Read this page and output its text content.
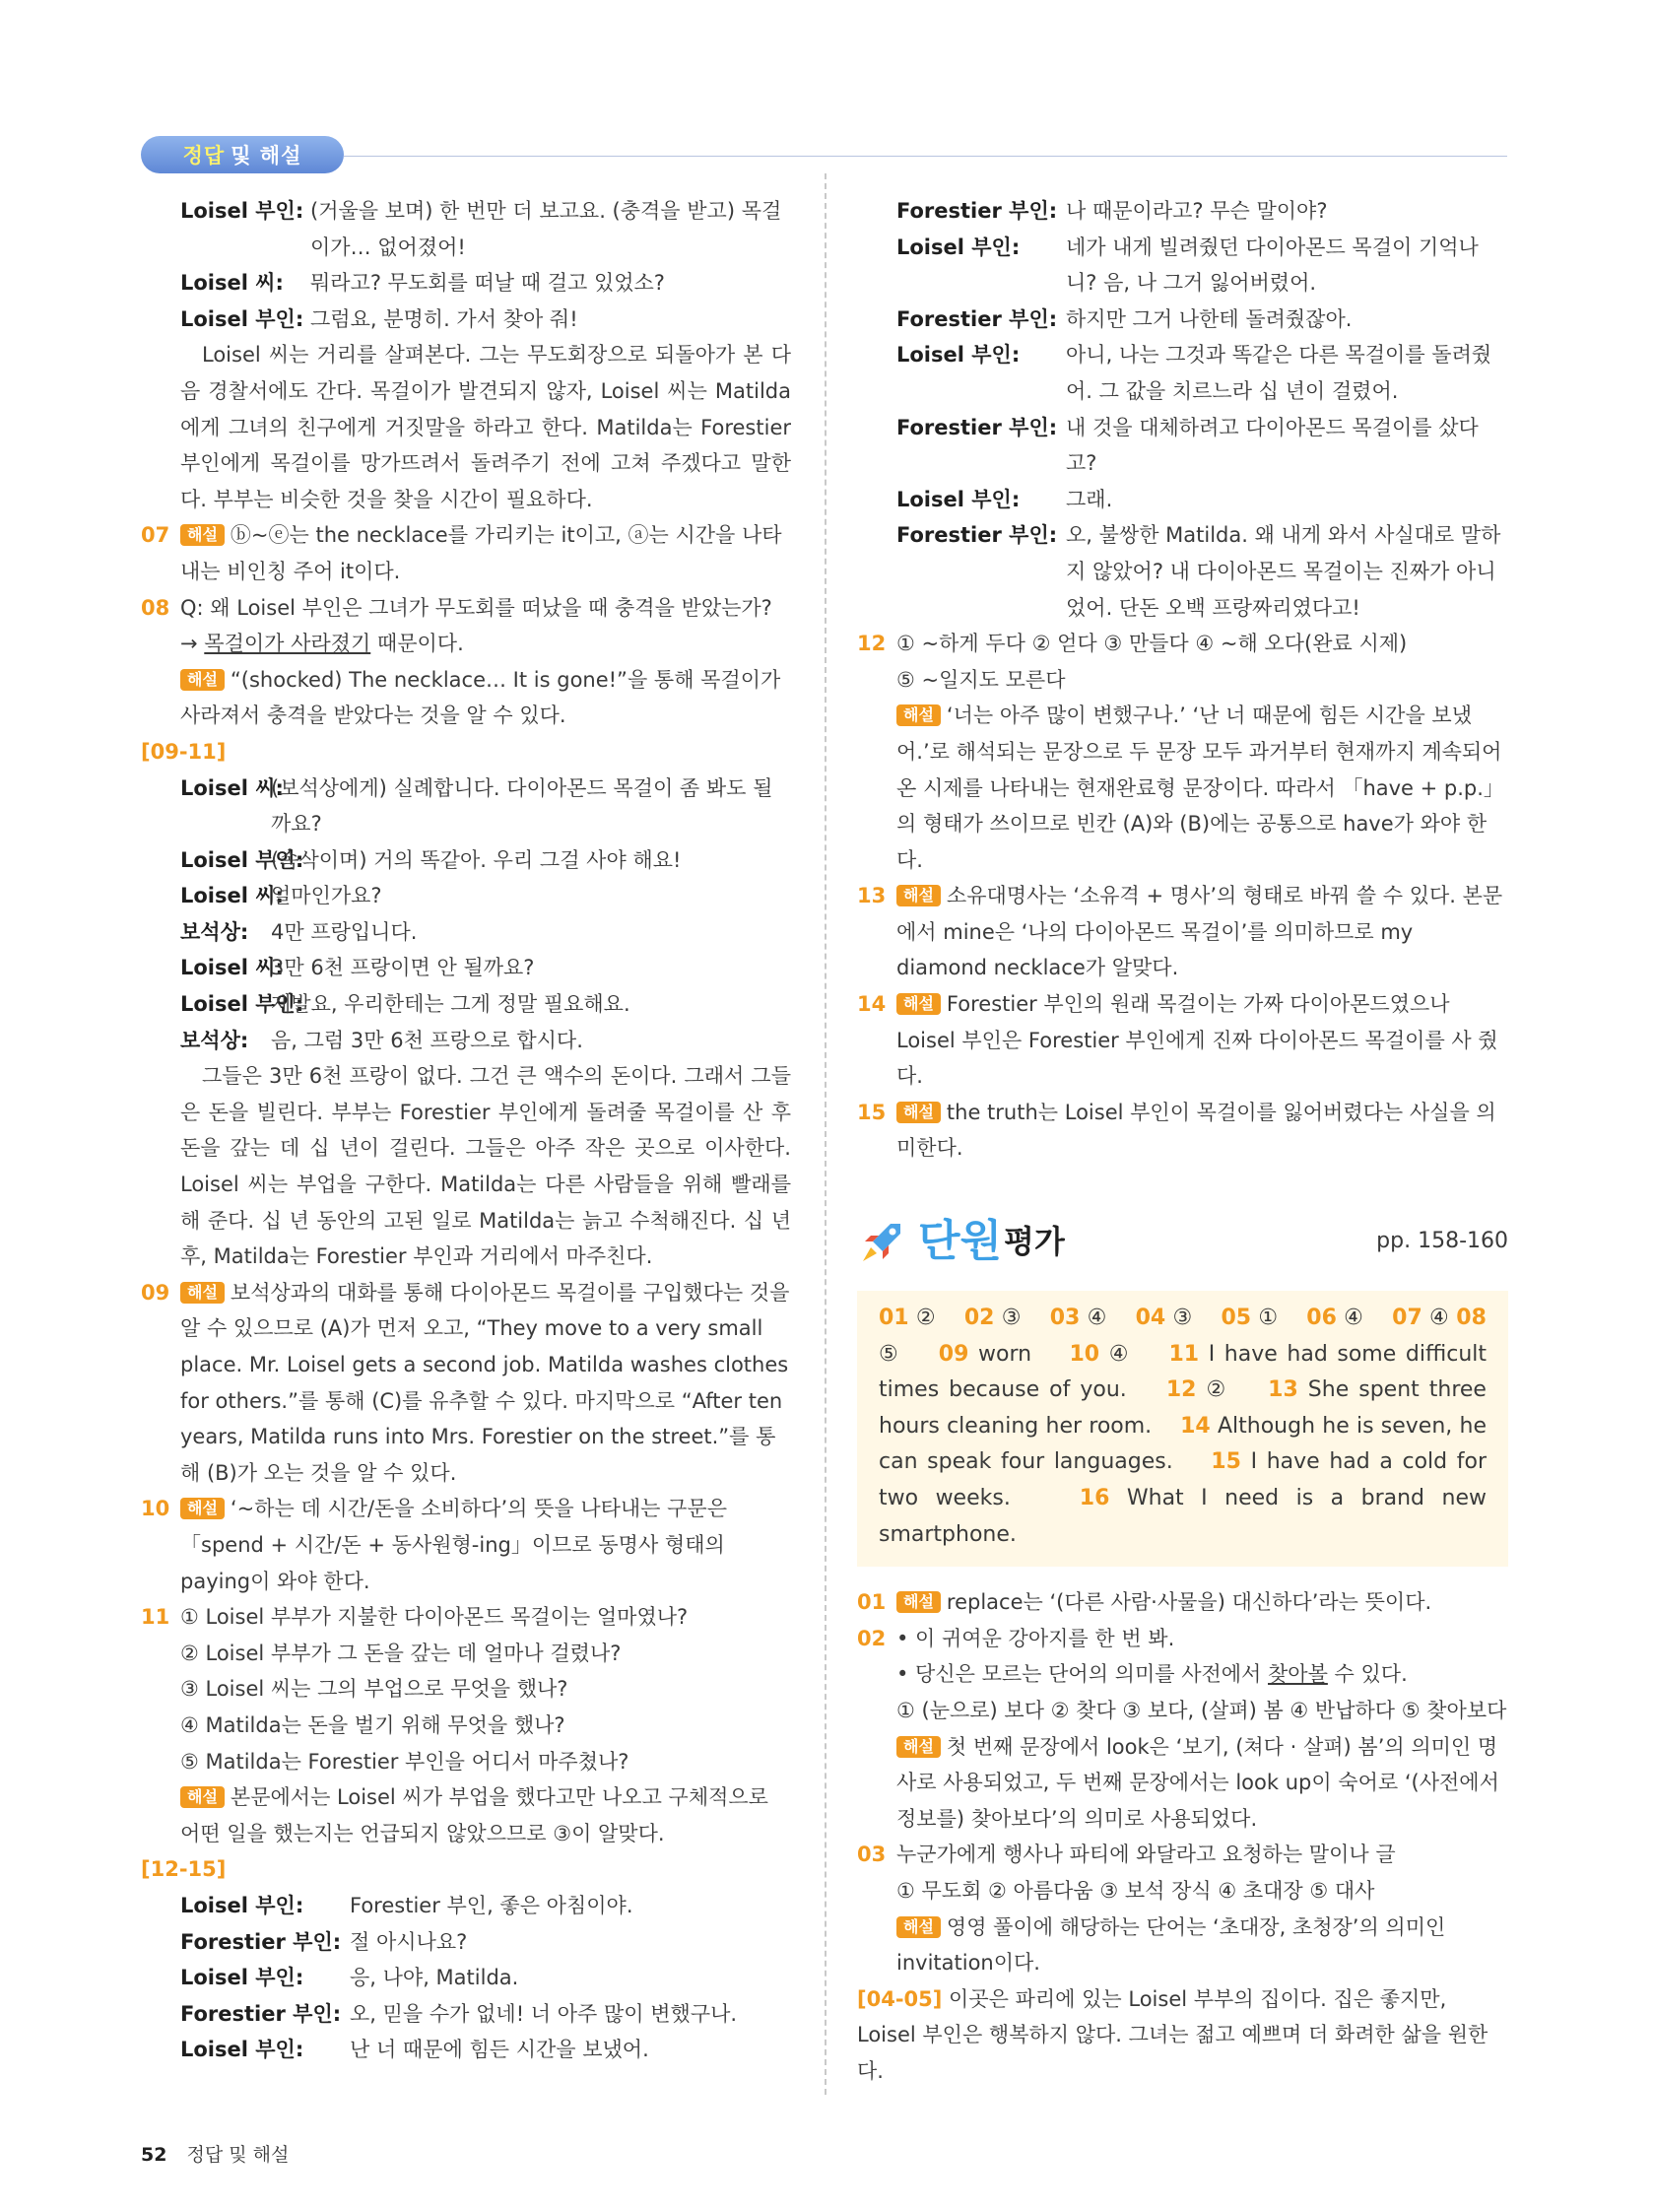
정답 및 해설
Loisel 부인: (거울을 보며) 한 번만 더 보고요. (충격을 받고) 목걸이가… 없어졌어!
Loisel 씨:	뭐라고? 무도회를 떠날 때 걸고 있었소?
Loisel 부인: 그럼요, 분명히. 가서 찾아 줘!

Loisel 씨는 거리를 살펴본다. 그는 무도회장으로 되돌아가 본 다음 경찰서에도 간다. 목걸이가 발견되지 않자, Loisel 씨는 Matilda에게 그녀의 친구에게 거짓말을 하라고 한다. Matilda는 Forestier 부인에게 목걸이를 망가뜨려서 돌려주기 전에 고쳐 주겠다고 말한다. 부부는 비슷한 것을 찾을 시간이 필요하다.

07	해설 ⓑ~ⓔ는 the necklace를 가리키는 it이고, ⓐ는 시간을 나타내는 비인칭 주어 it이다.
08 Q: 왜 Loisel 부인은 그녀가 무도회를 떠났을 때 충격을 받았는가?

→ 목걸이가 사라졌기 때문이다.

해설 “(shocked) The necklace… It is gone!”을 통해 목걸이가 사라져서 충격을 받았다는 것을 알 수 있다.

[09-11]

Loisel 씨:
(보석상에게) 실례합니다. 다이아몬드 목걸이 좀 봐도 될까요?
Loisel 부인:
(속삭이며) 거의 똑같아. 우리 그걸 사야 해요!
Loisel 씨:
얼마인가요?
보석상:	4만 프랑입니다.
Loisel 씨:
3만 6천 프랑이면 안 될까요?
Loisel 부인:
제발요, 우리한테는 그게 정말 필요해요.
보석상:	음, 그럼 3만 6천 프랑으로 합시다.

그들은 3만 6천 프랑이 없다. 그건 큰 액수의 돈이다. 그래서 그들은 돈을 빌린다. 부부는 Forestier 부인에게 돌려줄 목걸이를 산 후 돈을 갚는 데 십 년이 걸린다. 그들은 아주 작은 곳으로 이사한다. Loisel 씨는 부업을 구한다. Matilda는 다른 사람들을 위해 빨래를 해 준다. 십 년 동안의 고된 일로 Matilda는 늙고 수척해진다. 십 년 후, Matilda는 Forestier 부인과 거리에서 마주친다.

09	해설 보석상과의 대화를 통해 다이아몬드 목걸이를 구입했다는 것을 알 수 있으므로 (A)가 먼저 오고, “They move to a very small place. Mr. Loisel gets a second job. Matilda washes clothes for others.”를 통해 (C)를 유추할 수 있다. 마지막으로 “After ten years, Matilda runs into Mrs. Forestier on the street.”를 통해 (B)가 오는 것을 알 수 있다.
10	해설 ‘~하는 데 시간/돈을 소비하다’의 뜻을 나타내는 구문은 「spend + 시간/돈 + 동사원형-ing」이므로 동명사 형태의 paying이 와야 한다.
11 ① Loisel 부부가 지불한 다이아몬드 목걸이는 얼마였나?

② Loisel 부부가 그 돈을 갚는 데 얼마나 걸렸나?

③ Loisel 씨는 그의 부업으로 무엇을 했나?

④ Matilda는 돈을 벌기 위해 무엇을 했나?

⑤ Matilda는 Forestier 부인을 어디서 마주쳤나?

해설 본문에서는 Loisel 씨가 부업을 했다고만 나오고 구체적으로 어떤 일을 했는지는 언급되지 않았으므로 ③이 알맞다.

[12-15]

Loisel 부인:	Forestier 부인, 좋은 아침이야.
Forestier 부인: 절 아시나요?
Loisel 부인:	응, 나야, Matilda.
Forestier 부인: 오, 믿을 수가 없네! 너 아주 많이 변했구나.
Loisel 부인:	난 너 때문에 힘든 시간을 보냈어.
Forestier 부인: 나 때문이라고? 무슨 말이야?
Loisel 부인:	네가 내게 빌려줬던 다이아몬드 목걸이 기억나니? 음, 나 그거 잃어버렸어.
Forestier 부인: 하지만 그거 나한테 돌려줬잖아.
Loisel 부인:	아니, 나는 그것과 똑같은 다른 목걸이를 돌려줬어. 그 값을 치르느라 십 년이 걸렸어.
Forestier 부인: 내 것을 대체하려고 다이아몬드 목걸이를 샀다고?
Loisel 부인:	그래.
Forestier 부인: 오, 불쌍한 Matilda. 왜 내게 와서 사실대로 말하지 않았어? 내 다이아몬드 목걸이는 진짜가 아니었어. 단돈 오백 프랑짜리였다고!
12 ① ~하게 두다 ② 얻다 ③ 만들다 ④ ~해 오다(완료 시제)

⑤ ~일지도 모른다

해설 ‘너는 아주 많이 변했구나.’ ‘난 너 때문에 힘든 시간을 보냈어.’로 해석되는 문장으로 두 문장 모두 과거부터 현재까지 계속되어 온 시제를 나타내는 현재완료형 문장이다. 따라서 「have + p.p.」의 형태가 쓰이므로 빈칸 (A)와 (B)에는 공통으로 have가 와야 한다.

13	해설 소유대명사는 ‘소유격 + 명사’의 형태로 바꿔 쓸 수 있다. 본문에서 mine은 ‘나의 다이아몬드 목걸이’를 의미하므로 my diamond necklace가 알맞다.
14	해설 Forestier 부인의 원래 목걸이는 가짜 다이아몬드였으나 Loisel 부인은 Forestier 부인에게 진짜 다이아몬드 목걸이를 사 줬다.
15	해설 the truth는 Loisel 부인이 목걸이를 잃어버렸다는 사실을 의미한다.
단원 평가	pp. 158-160
01 ② 02 ③ 03 ④ 04 ③ 05 ① 06 ④ 07 ④ 08 ⑤ 09 worn 10 ④ 11 I have had some difficult times because of you. 12 ② 13 She spent three hours cleaning her room. 14 Although he is seven, he can speak four languages. 15 I have had a cold for two weeks.	16 What I need is a brand new smartphone.
01	해설 replace는 ‘(다른 사람·사물을) 대신하다’라는 뜻이다.
02 • 이 귀여운 강아지를 한 번 봐.

• 당신은 모르는 단어의 의미를 사전에서 찾아볼 수 있다.

① (눈으로) 보다 ② 찾다 ③ 보다, (살펴) 봄 ④ 반납하다 ⑤ 찾아보다

해설 첫 번째 문장에서 look은 ‘보기, (쳐다 · 살펴) 봄’의 의미인 명사로 사용되었고, 두 번째 문장에서는 look up이 숙어로 ‘(사전에서 정보를) 찾아보다’의 의미로 사용되었다.

03 누군가에게 행사나 파티에 와달라고 요청하는 말이나 글

① 무도회 ② 아름다움 ③ 보석 장식 ④ 초대장 ⑤ 대사

해설 영영 풀이에 해당하는 단어는 ‘초대장, 초청장’의 의미인 invitation이다.

[04-05] 이곳은 파리에 있는 Loisel 부부의 집이다. 집은 좋지만, Loisel 부인은 행복하지 않다. 그녀는 젊고 예쁘며 더 화려한 삶을 원한다.

52 정답 및 해설
